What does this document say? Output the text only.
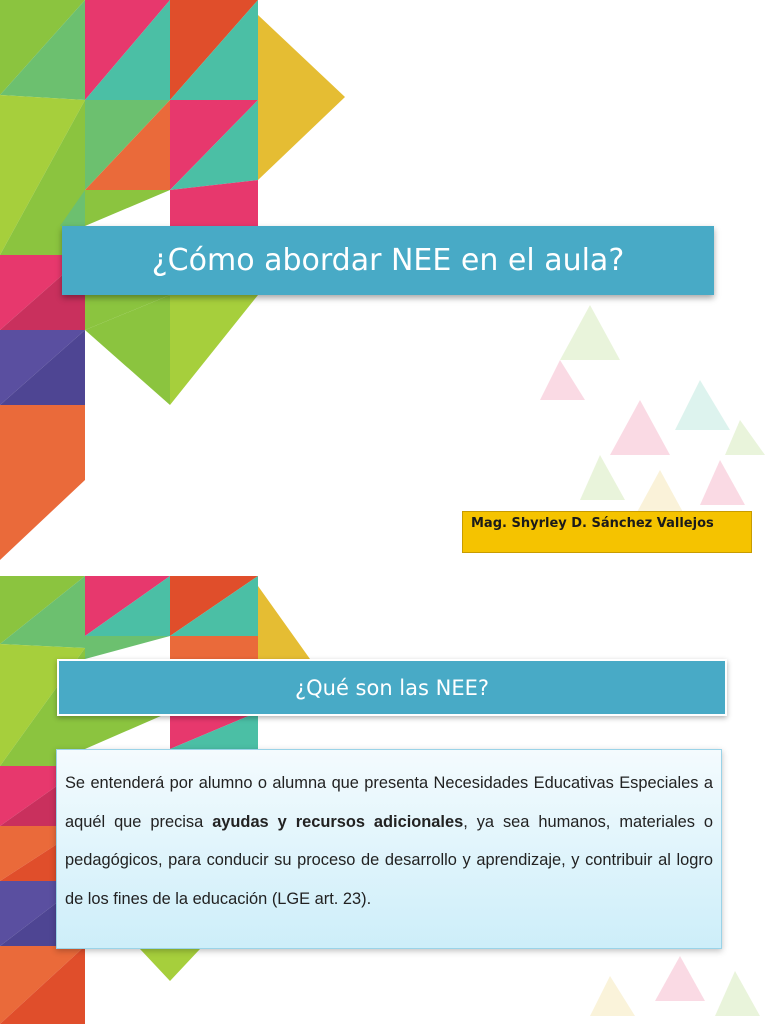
¿Cómo abordar NEE en el aula?
Mag. Shyrley D. Sánchez Vallejos
¿Qué son las NEE?
Se entenderá por alumno o alumna que presenta Necesidades Educativas Especiales a aquél que precisa ayudas y recursos adicionales, ya sea humanos, materiales o pedagógicos, para conducir su proceso de desarrollo y aprendizaje, y contribuir al logro de los fines de la educación (LGE art. 23).
